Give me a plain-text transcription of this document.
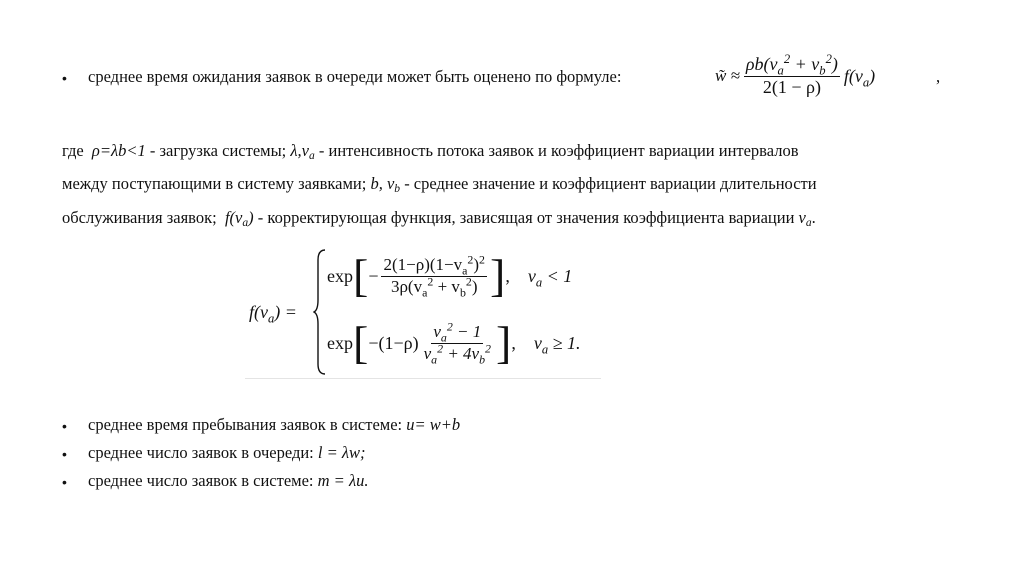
• среднее время ожидания заявок в очереди может быть оценено по формуле:	w̃ ≈ $\frac{\rho b(v_a^2 + v_b^2)}{2(1 - \rho)} f(v_a)$	,
где ρ=λb<1 - загрузка системы; λ,va - интенсивность потока заявок и коэффициент вариации интервалов
между поступающими в систему заявками; b, vb - среднее значение и коэффициент вариации длительности
обслуживания заявок; f(va) - корректирующая функция, зависящая от значения коэффициента вариации va.
$f(v_a)$ =
exp [ − $\frac{2(1-\rho)(1-v_a^2)^2}{3\rho(v_a^2 + v_b^2)}$ ] , $v_a < 1$
exp [ $-(1-\rho) \frac{v_a^2 - 1}{v_a^2 + 4v_b^2}$ ] , $v_a \ge 1$.
• среднее время пребывания заявок в системе: u= w+b
• среднее число заявок в очереди: l = λw;
• среднее число заявок в системе: m = λu.
